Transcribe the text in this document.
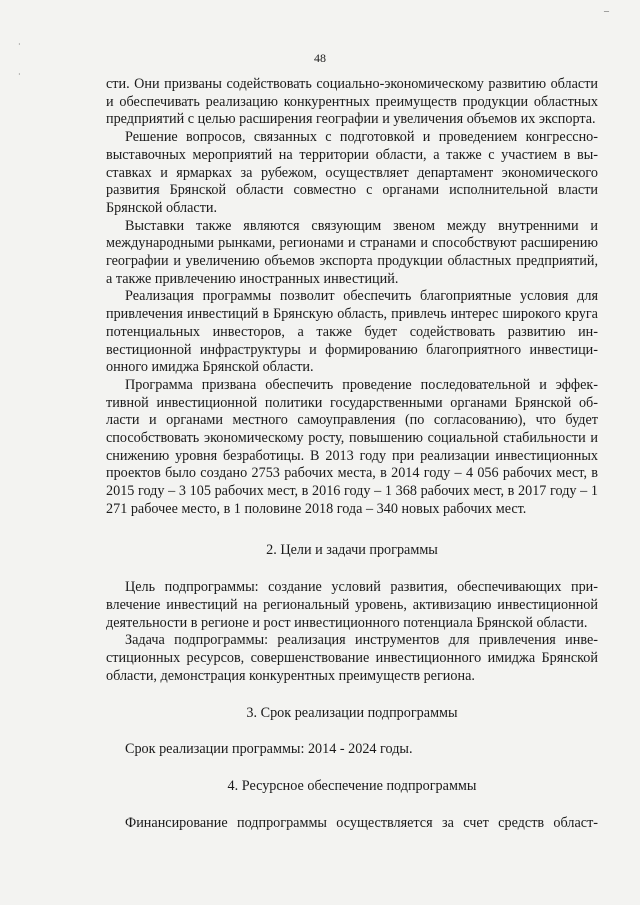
·
·
‒
48

сти. Они призваны содействовать социально-экономическому развитию области и обеспечивать реализацию конкурентных преимуществ продукции областных предприятий с целью расширения географии и увеличения объемов их экспорта.

Решение вопросов, связанных с подготовкой и проведением конгрессно-выставочных мероприятий на территории области, а также с участием в выставках и ярмарках за рубежом, осуществляет департамент экономического развития Брянской области совместно с органами исполнительной власти Брянской области.

Выставки также являются связующим звеном между внутренними и международными рынками, регионами и странами и способствуют расширению географии и увеличению объемов экспорта продукции областных предприятий, а также привлечению иностранных инвестиций.

Реализация программы позволит обеспечить благоприятные условия для привлечения инвестиций в Брянскую область, привлечь интерес широкого круга потенциальных инвесторов, а также будет содействовать развитию инвестиционной инфраструктуры и формированию благоприятного инвестиционного имиджа Брянской области.

Программа призвана обеспечить проведение последовательной и эффективной инвестиционной политики государственными органами Брянской области и органами местного самоуправления (по согласованию), что будет способствовать экономическому росту, повышению социальной стабильности и снижению уровня безработицы. В 2013 году при реализации инвестиционных проектов было создано 2753 рабочих места, в 2014 году – 4 056 рабочих мест, в 2015 году – 3 105 рабочих мест, в 2016 году – 1 368 рабочих мест, в 2017 году – 1 271 рабочее место, в 1 половине 2018 года – 340 новых рабочих мест.

2. Цели и задачи программы

Цель подпрограммы: создание условий развития, обеспечивающих привлечение инвестиций на региональный уровень, активизацию инвестиционной деятельности в регионе и рост инвестиционного потенциала Брянской области.

Задача подпрограммы: реализация инструментов для привлечения инвестиционных ресурсов, совершенствование инвестиционного имиджа Брянской области, демонстрация конкурентных преимуществ региона.

3. Срок реализации подпрограммы

Срок реализации программы: 2014 - 2024 годы.

4. Ресурсное обеспечение подпрограммы

Финансирование подпрограммы осуществляется за счет средств област-
